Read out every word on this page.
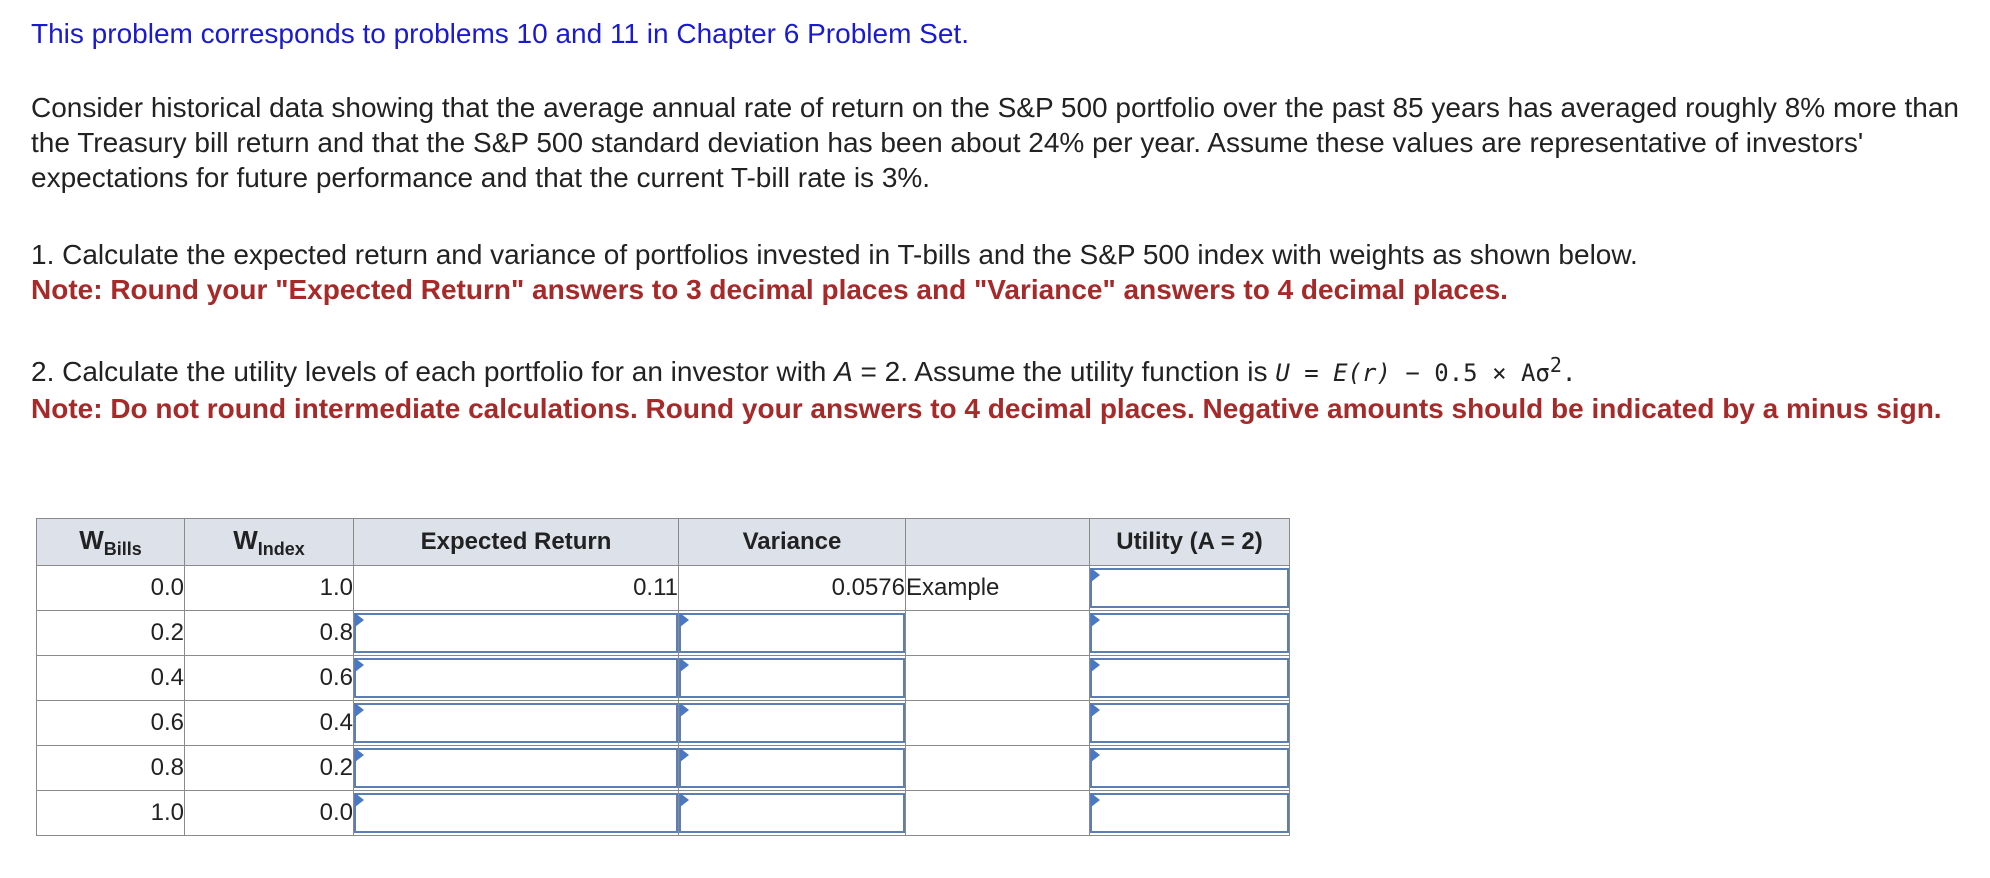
This problem corresponds to problems 10 and 11 in Chapter 6 Problem Set.

Consider historical data showing that the average annual rate of return on the S&P 500 portfolio over the past 85 years has averaged roughly 8% more than the Treasury bill return and that the S&P 500 standard deviation has been about 24% per year. Assume these values are representative of investors' expectations for future performance and that the current T-bill rate is 3%.

1. Calculate the expected return and variance of portfolios invested in T-bills and the S&P 500 index with weights as shown below.
Note: Round your "Expected Return" answers to 3 decimal places and "Variance" answers to 4 decimal places.
2. Calculate the utility levels of each portfolio for an investor with A = 2. Assume the utility function is $U = E(r) - 0.5 \times A\sigma^2$.
Note: Do not round intermediate calculations. Round your answers to 4 decimal places. Negative amounts should be indicated by a minus sign.
$W_{Bills}$	$W_{Index}$	Expected Return	Variance		Utility (A = 2)
0.0	1.0	0.11	0.0576	Example	

0.2	0.8	

0.4	0.6	

0.6	0.4	

0.8	0.2	

1.0	0.0	
